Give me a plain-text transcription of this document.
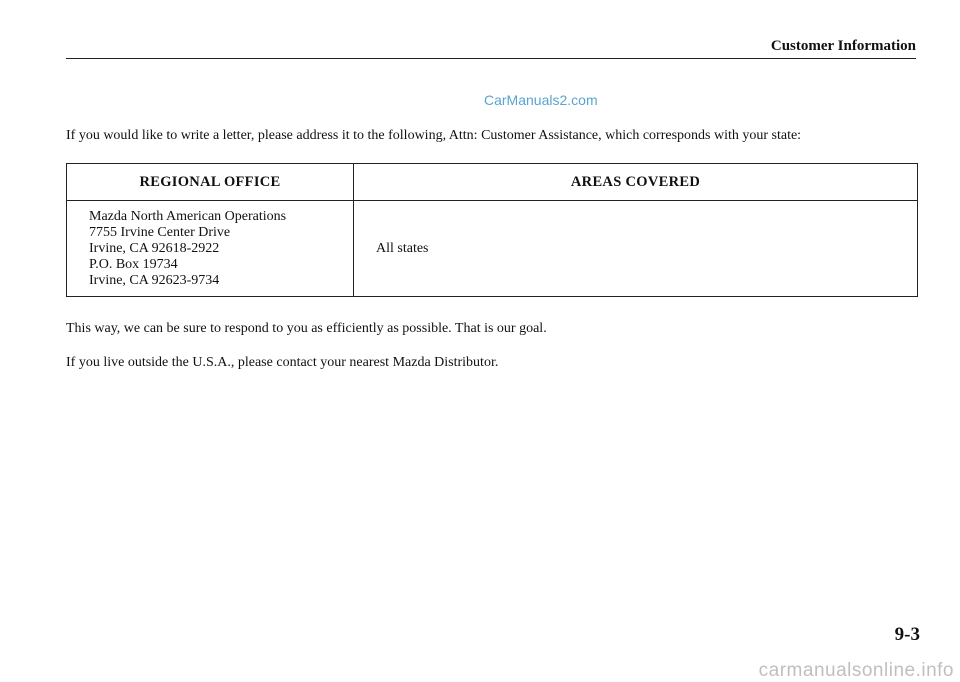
Customer Information
CarManuals2.com
If you would like to write a letter, please address it to the following, Attn: Customer Assistance, which corresponds with your state:
REGIONAL OFFICE	AREAS COVERED

Mazda North American Operations
7755 Irvine Center Drive
Irvine, CA 92618-2922
P.O. Box 19734
Irvine, CA 92623-9734	All states
This way, we can be sure to respond to you as efficiently as possible. That is our goal.
If you live outside the U.S.A., please contact your nearest Mazda Distributor.
9-3
carmanualsonline.info
